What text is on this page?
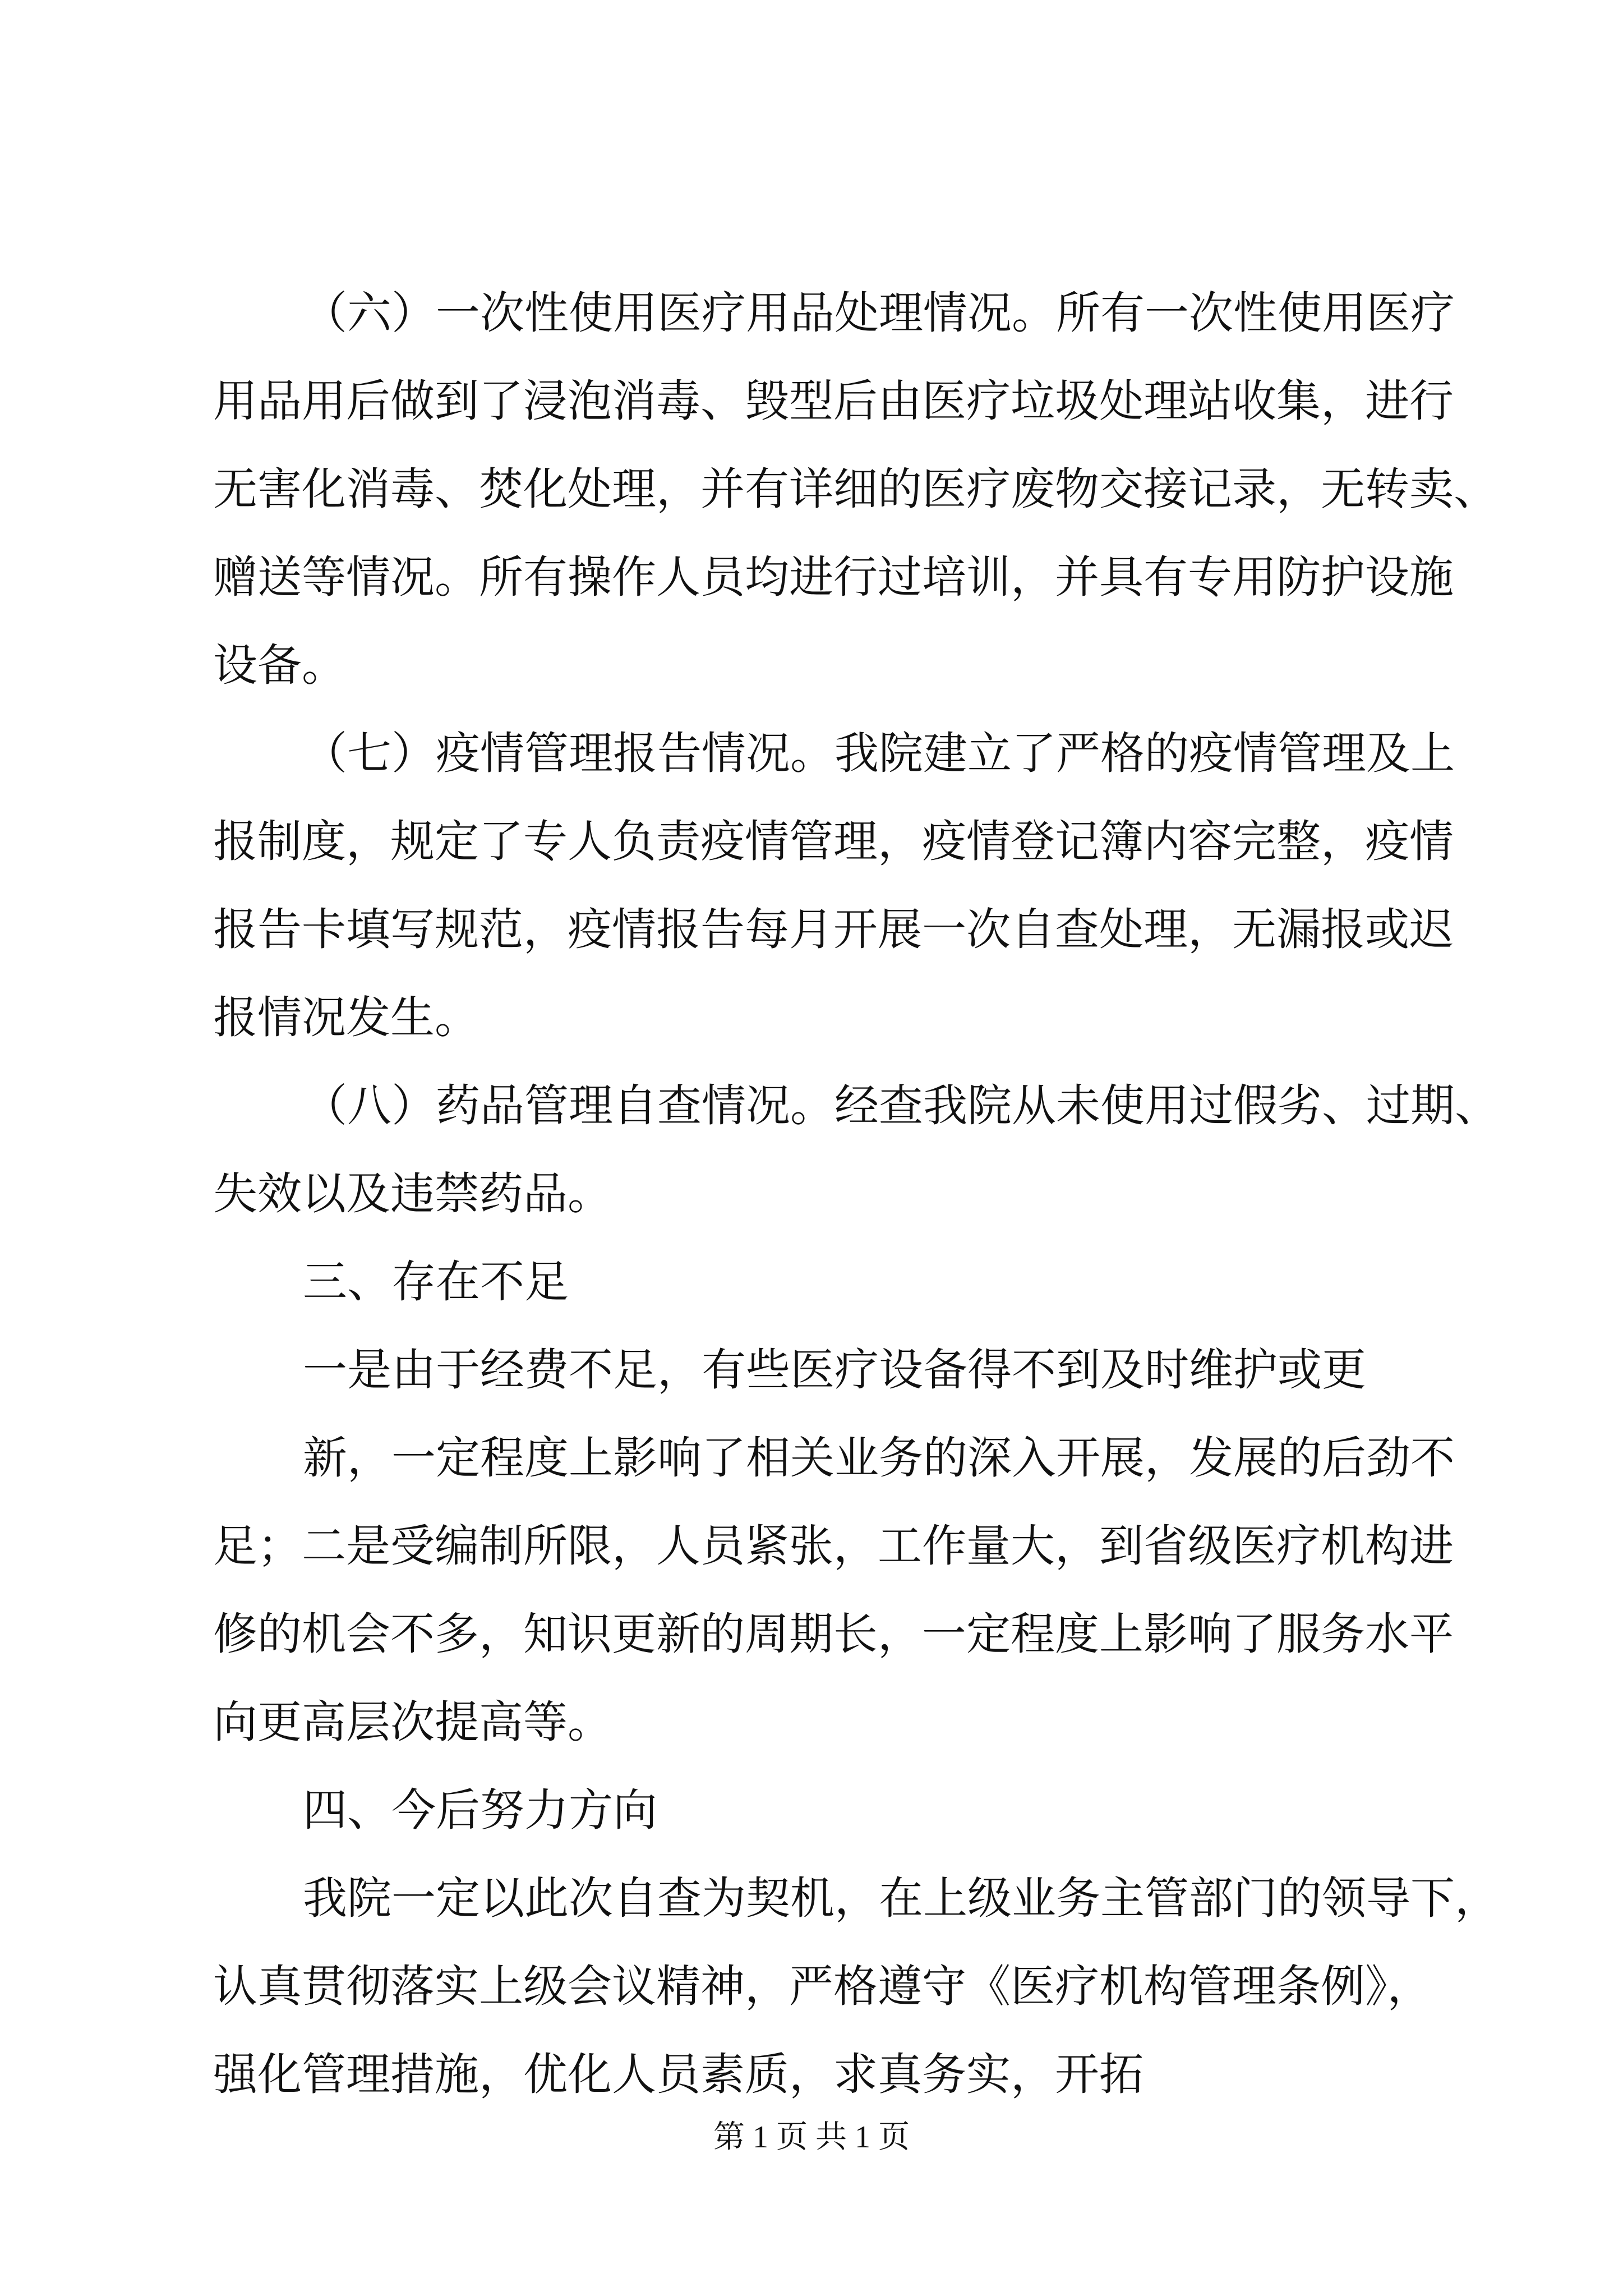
（六）一次性使用医疗用品处理情况。所有一次性使用医疗
用品用后做到了浸泡消毒、毁型后由医疗垃圾处理站收集，进行
无害化消毒、焚化处理，并有详细的医疗废物交接记录，无转卖、
赠送等情况。所有操作人员均进行过培训，并具有专用防护设施
设备。
（七）疫情管理报告情况。我院建立了严格的疫情管理及上
报制度，规定了专人负责疫情管理，疫情登记簿内容完整，疫情
报告卡填写规范，疫情报告每月开展一次自查处理，无漏报或迟
报情况发生。
（八）药品管理自查情况。经查我院从未使用过假劣、过期、
失效以及违禁药品。
三、存在不足
一是由于经费不足，有些医疗设备得不到及时维护或更
新，一定程度上影响了相关业务的深入开展，发展的后劲不
足；二是受编制所限，人员紧张，工作量大，到省级医疗机构进
修的机会不多，知识更新的周期长，一定程度上影响了服务水平
向更高层次提高等。
四、今后努力方向
我院一定以此次自查为契机，在上级业务主管部门的领导下，
认真贯彻落实上级会议精神，严格遵守《医疗机构管理条例》，
强化管理措施，优化人员素质，求真务实，开拓
第 1 页 共 1 页
